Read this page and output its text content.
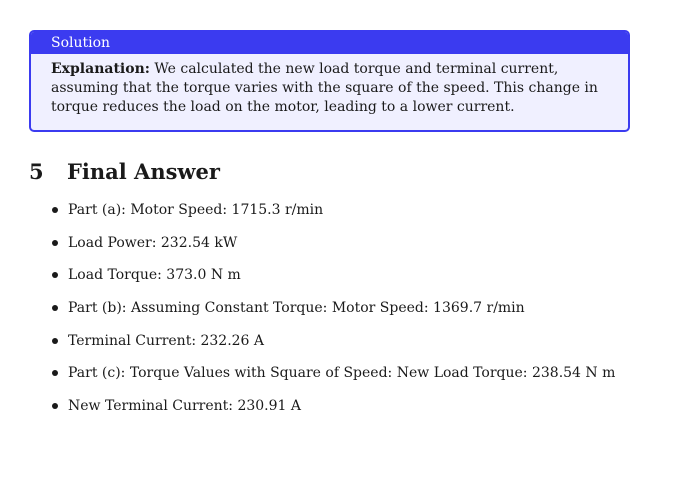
Solution
Explanation: We calculated the new load torque and terminal current, assuming that the torque varies with the square of the speed. This change in torque reduces the load on the motor, leading to a lower current.
5 Final Answer
Part (a): Motor Speed: 1715.3 r/min
Load Power: 232.54 kW
Load Torque: 373.0 N m
Part (b): Assuming Constant Torque: Motor Speed: 1369.7 r/min
Terminal Current: 232.26 A
Part (c): Torque Values with Square of Speed: New Load Torque: 238.54 N m
New Terminal Current: 230.91 A
